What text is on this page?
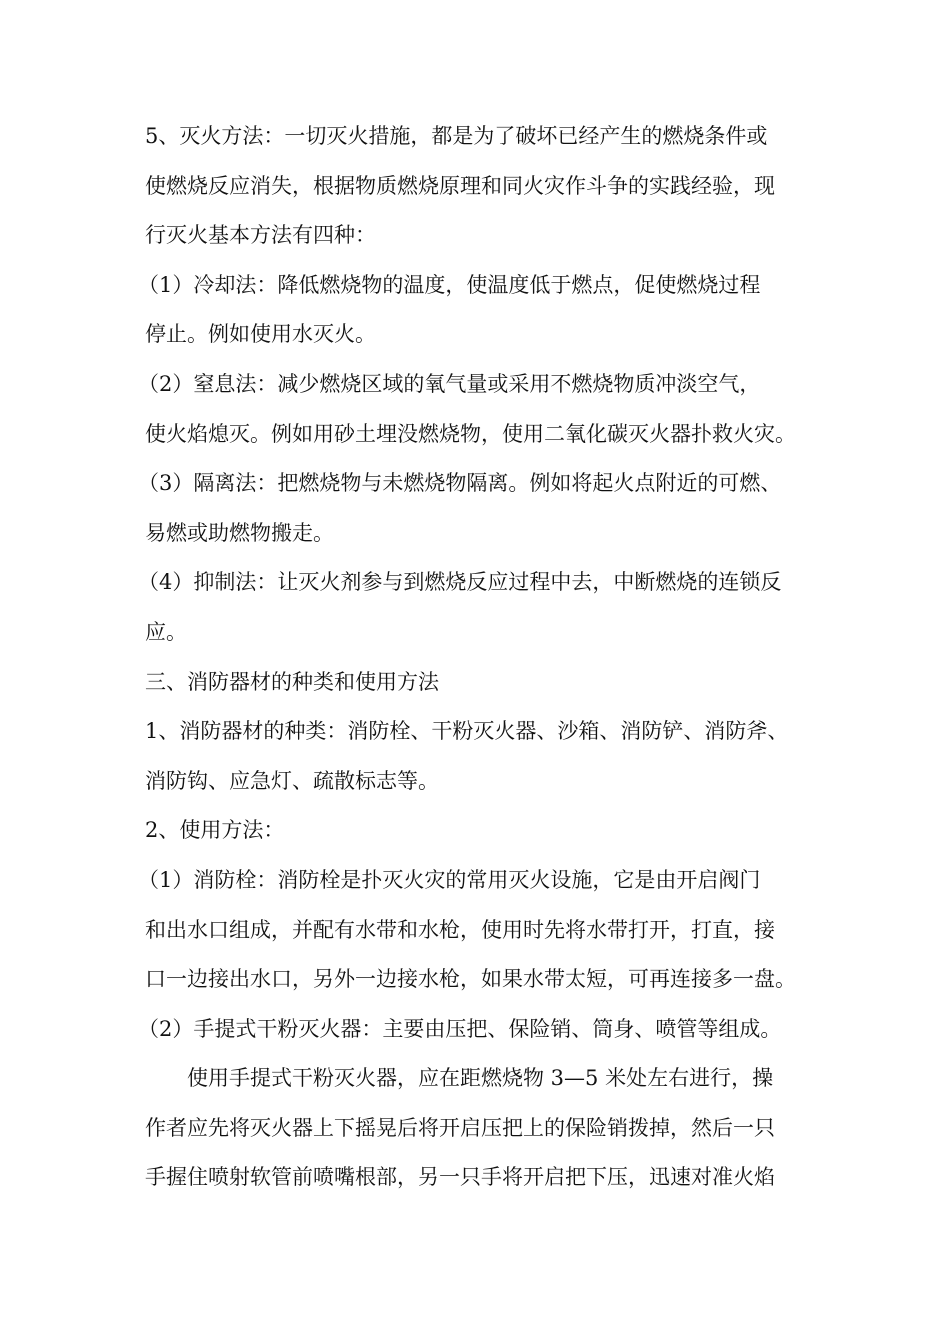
5、灭火方法：一切灭火措施，都是为了破坏已经产生的燃烧条件或
使燃烧反应消失，根据物质燃烧原理和同火灾作斗争的实践经验，现
行灭火基本方法有四种：
（1）冷却法：降低燃烧物的温度，使温度低于燃点，促使燃烧过程
停止。例如使用水灭火。
（2）窒息法：减少燃烧区域的氧气量或采用不燃烧物质冲淡空气，
使火焰熄灭。例如用砂土埋没燃烧物，使用二氧化碳灭火器扑救火灾。
（3）隔离法：把燃烧物与未燃烧物隔离。例如将起火点附近的可燃、
易燃或助燃物搬走。
（4）抑制法：让灭火剂参与到燃烧反应过程中去，中断燃烧的连锁反
应。
三、消防器材的种类和使用方法
1、消防器材的种类：消防栓、干粉灭火器、沙箱、消防铲、消防斧、
消防钩、应急灯、疏散标志等。
2、使用方法：
（1）消防栓：消防栓是扑灭火灾的常用灭火设施，它是由开启阀门
和出水口组成，并配有水带和水枪，使用时先将水带打开，打直，接
口一边接出水口，另外一边接水枪，如果水带太短，可再连接多一盘。
（2）手提式干粉灭火器：主要由压把、保险销、筒身、喷管等组成。
使用手提式干粉灭火器，应在距燃烧物 3—5 米处左右进行，操
作者应先将灭火器上下摇晃后将开启压把上的保险销拨掉，然后一只
手握住喷射软管前喷嘴根部，另一只手将开启把下压，迅速对准火焰
